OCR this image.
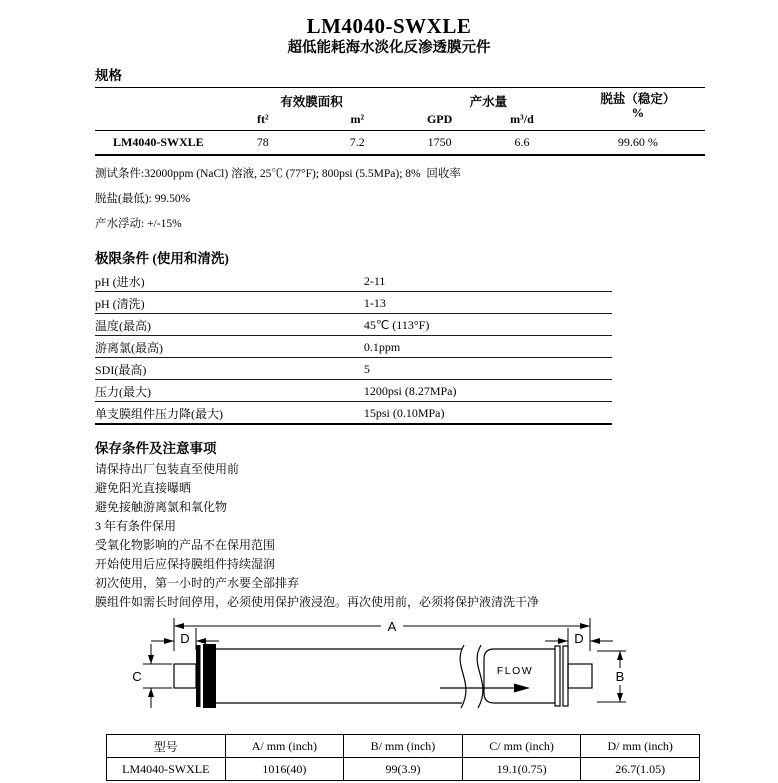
LM4040-SWXLE
超低能耗海水淡化反渗透膜元件
规格
	有效膜面积		产水量		脱盐（稳定）
%

	ft²	m²	GPD	m³/d	
LM4040-SWXLE	78	7.2	1750	6.6	99.60 %
测试条件:32000ppm (NaCl) 溶液, 25℃ (77°F); 800psi (5.5MPa); 8%  回收率
脱盐(最低): 99.50%
产水浮动: +/-15%
极限条件 (使用和清洗)
pH (进水)	2-11
pH (清洗)	1-13
温度(最高)	45℃ (113°F)
游离氯(最高)	0.1ppm
SDI(最高)	5
压力(最大)	1200psi (8.27MPa)
单支膜组件压力降(最大)	15psi (0.10MPa)
保存条件及注意事项
请保持出厂包装直至使用前
避免阳光直接曝晒
避免接触游离氯和氧化物
3 年有条件保用
受氧化物影响的产品不在保用范围
开始使用后应保持膜组件持续湿润
初次使用，第一小时的产水要全部排弃
膜组件如需长时间停用，必须使用保护液浸泡。再次使用前，必须将保护液清洗干净
A
D	D
FLOW
C	B
型号	A/ mm (inch)	B/ mm (inch)	C/ mm (inch)	D/ mm (inch)
LM4040-SWXLE	1016(40)	99(3.9)	19.1(0.75)	26.7(1.05)
